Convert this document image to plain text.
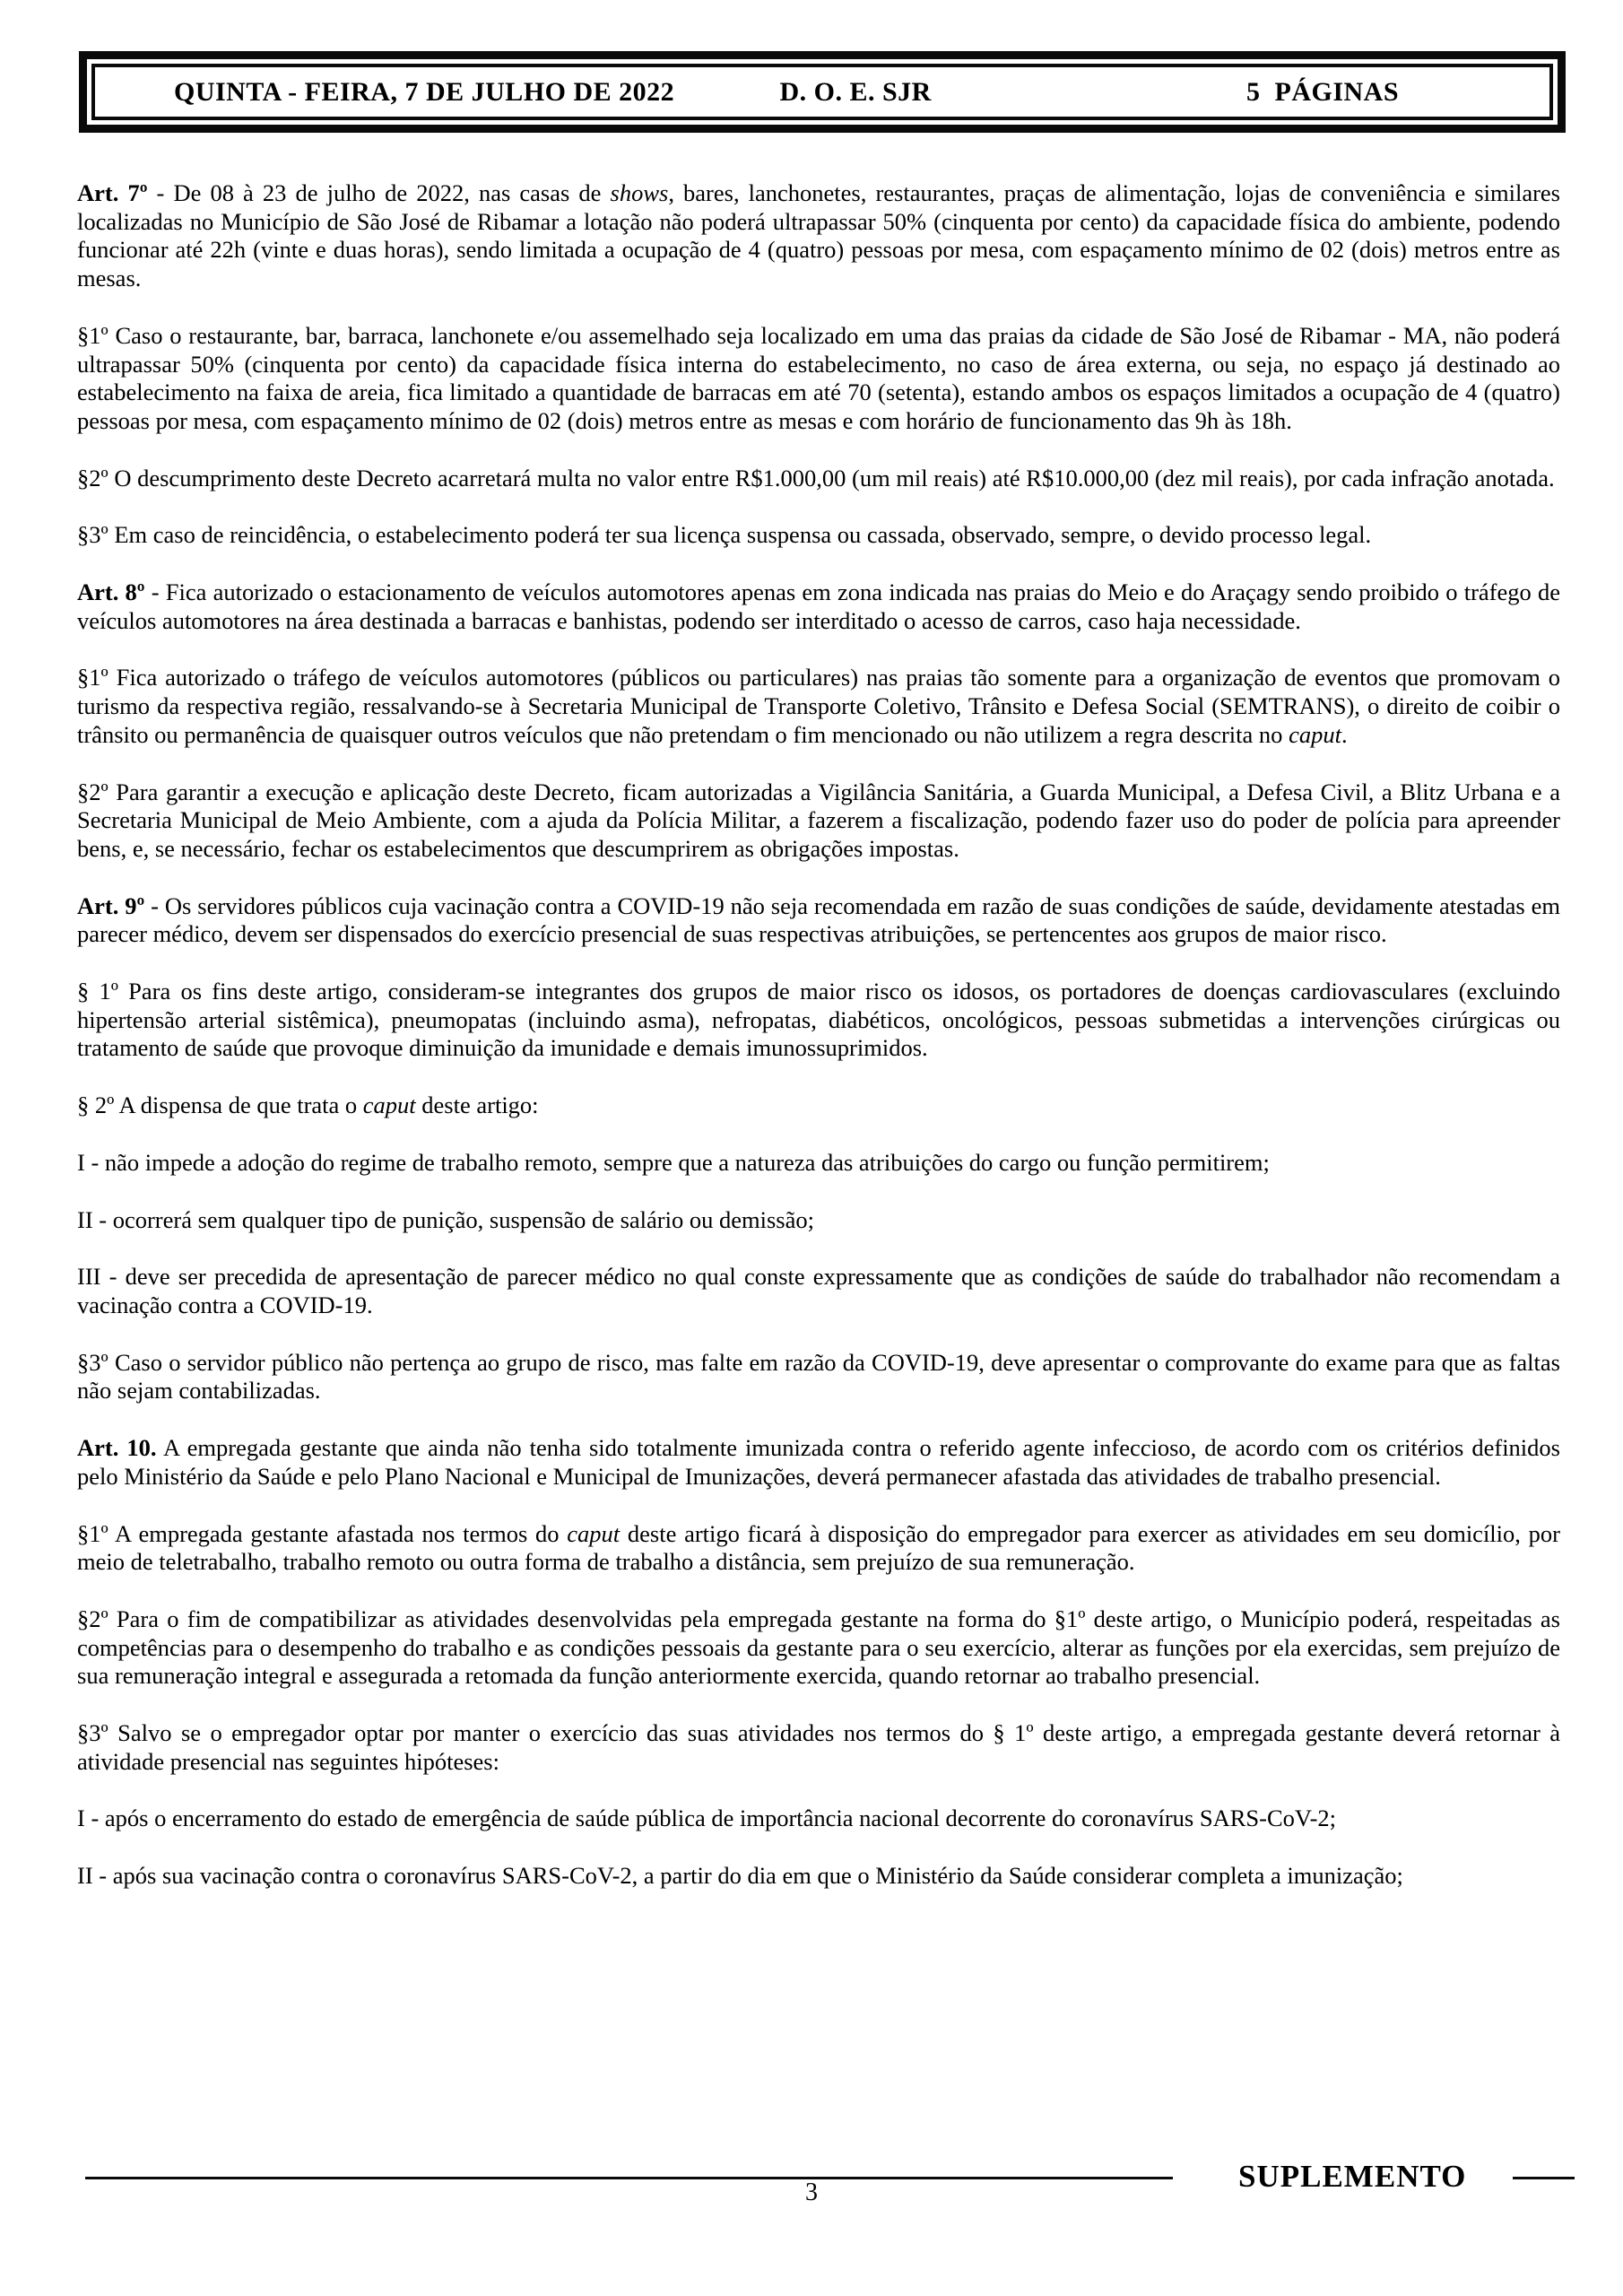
QUINTA - FEIRA, 7 DE JULHO DE 2022	D. O. E. SJR	5  PÁGINAS

Art. 7º - De 08 à 23 de julho de 2022, nas casas de shows, bares, lanchonetes, restaurantes, praças de alimentação, lojas de conveniência e similares localizadas no Município de São José de Ribamar a lotação não poderá ultrapassar 50% (cinquenta por cento) da capacidade física do ambiente, podendo funcionar até 22h (vinte e duas horas), sendo limitada a ocupação de 4 (quatro) pessoas por mesa, com espaçamento mínimo de 02 (dois) metros entre as mesas.

§1º Caso o restaurante, bar, barraca, lanchonete e/ou assemelhado seja localizado em uma das praias da cidade de São José de Ribamar - MA, não poderá ultrapassar 50% (cinquenta por cento) da capacidade física interna do estabelecimento, no caso de área externa, ou seja, no espaço já destinado ao estabelecimento na faixa de areia, fica limitado a quantidade de barracas em até 70 (setenta), estando ambos os espaços limitados a ocupação de 4 (quatro) pessoas por mesa, com espaçamento mínimo de 02 (dois) metros entre as mesas e com horário de funcionamento das 9h às 18h.

§2º O descumprimento deste Decreto acarretará multa no valor entre R$1.000,00 (um mil reais) até R$10.000,00 (dez mil reais), por cada infração anotada.

§3º Em caso de reincidência, o estabelecimento poderá ter sua licença suspensa ou cassada, observado, sempre, o devido processo legal.

Art. 8º - Fica autorizado o estacionamento de veículos automotores apenas em zona indicada nas praias do Meio e do Araçagy sendo proibido o tráfego de veículos automotores na área destinada a barracas e banhistas, podendo ser interditado o acesso de carros, caso haja necessidade.

§1º Fica autorizado o tráfego de veículos automotores (públicos ou particulares) nas praias tão somente para a organização de eventos que promovam o turismo da respectiva região, ressalvando-se à Secretaria Municipal de Transporte Coletivo, Trânsito e Defesa Social (SEMTRANS), o direito de coibir o trânsito ou permanência de quaisquer outros veículos que não pretendam o fim mencionado ou não utilizem a regra descrita no caput.

§2º Para garantir a execução e aplicação deste Decreto, ficam autorizadas a Vigilância Sanitária, a Guarda Municipal, a Defesa Civil, a Blitz Urbana e a Secretaria Municipal de Meio Ambiente, com a ajuda da Polícia Militar, a fazerem a fiscalização, podendo fazer uso do poder de polícia para apreender bens, e, se necessário, fechar os estabelecimentos que descumprirem as obrigações impostas.

Art. 9º - Os servidores públicos cuja vacinação contra a COVID-19 não seja recomendada em razão de suas condições de saúde, devidamente atestadas em parecer médico, devem ser dispensados do exercício presencial de suas respectivas atribuições, se pertencentes aos grupos de maior risco.

§ 1º Para os fins deste artigo, consideram-se integrantes dos grupos de maior risco os idosos, os portadores de doenças cardiovasculares (excluindo hipertensão arterial sistêmica), pneumopatas (incluindo asma), nefropatas, diabéticos, oncológicos, pessoas submetidas a intervenções cirúrgicas ou tratamento de saúde que provoque diminuição da imunidade e demais imunossuprimidos.

§ 2º A dispensa de que trata o caput deste artigo:

I - não impede a adoção do regime de trabalho remoto, sempre que a natureza das atribuições do cargo ou função permitirem;

II - ocorrerá sem qualquer tipo de punição, suspensão de salário ou demissão;

III - deve ser precedida de apresentação de parecer médico no qual conste expressamente que as condições de saúde do trabalhador não recomendam a vacinação contra a COVID-19.

§3º Caso o servidor público não pertença ao grupo de risco, mas falte em razão da COVID-19, deve apresentar o comprovante do exame para que as faltas não sejam contabilizadas.

Art. 10. A empregada gestante que ainda não tenha sido totalmente imunizada contra o referido agente infeccioso, de acordo com os critérios definidos pelo Ministério da Saúde e pelo Plano Nacional e Municipal de Imunizações, deverá permanecer afastada das atividades de trabalho presencial.

§1º A empregada gestante afastada nos termos do caput deste artigo ficará à disposição do empregador para exercer as atividades em seu domicílio, por meio de teletrabalho, trabalho remoto ou outra forma de trabalho a distância, sem prejuízo de sua remuneração.

§2º Para o fim de compatibilizar as atividades desenvolvidas pela empregada gestante na forma do §1º deste artigo, o Município poderá, respeitadas as competências para o desempenho do trabalho e as condições pessoais da gestante para o seu exercício, alterar as funções por ela exercidas, sem prejuízo de sua remuneração integral e assegurada a retomada da função anteriormente exercida, quando retornar ao trabalho presencial.

§3º Salvo se o empregador optar por manter o exercício das suas atividades nos termos do § 1º deste artigo, a empregada gestante deverá retornar à atividade presencial nas seguintes hipóteses:

I - após o encerramento do estado de emergência de saúde pública de importância nacional decorrente do coronavírus SARS-CoV-2;

II - após sua vacinação contra o coronavírus SARS-CoV-2, a partir do dia em que o Ministério da Saúde considerar completa a imunização;

3	SUPLEMENTO
